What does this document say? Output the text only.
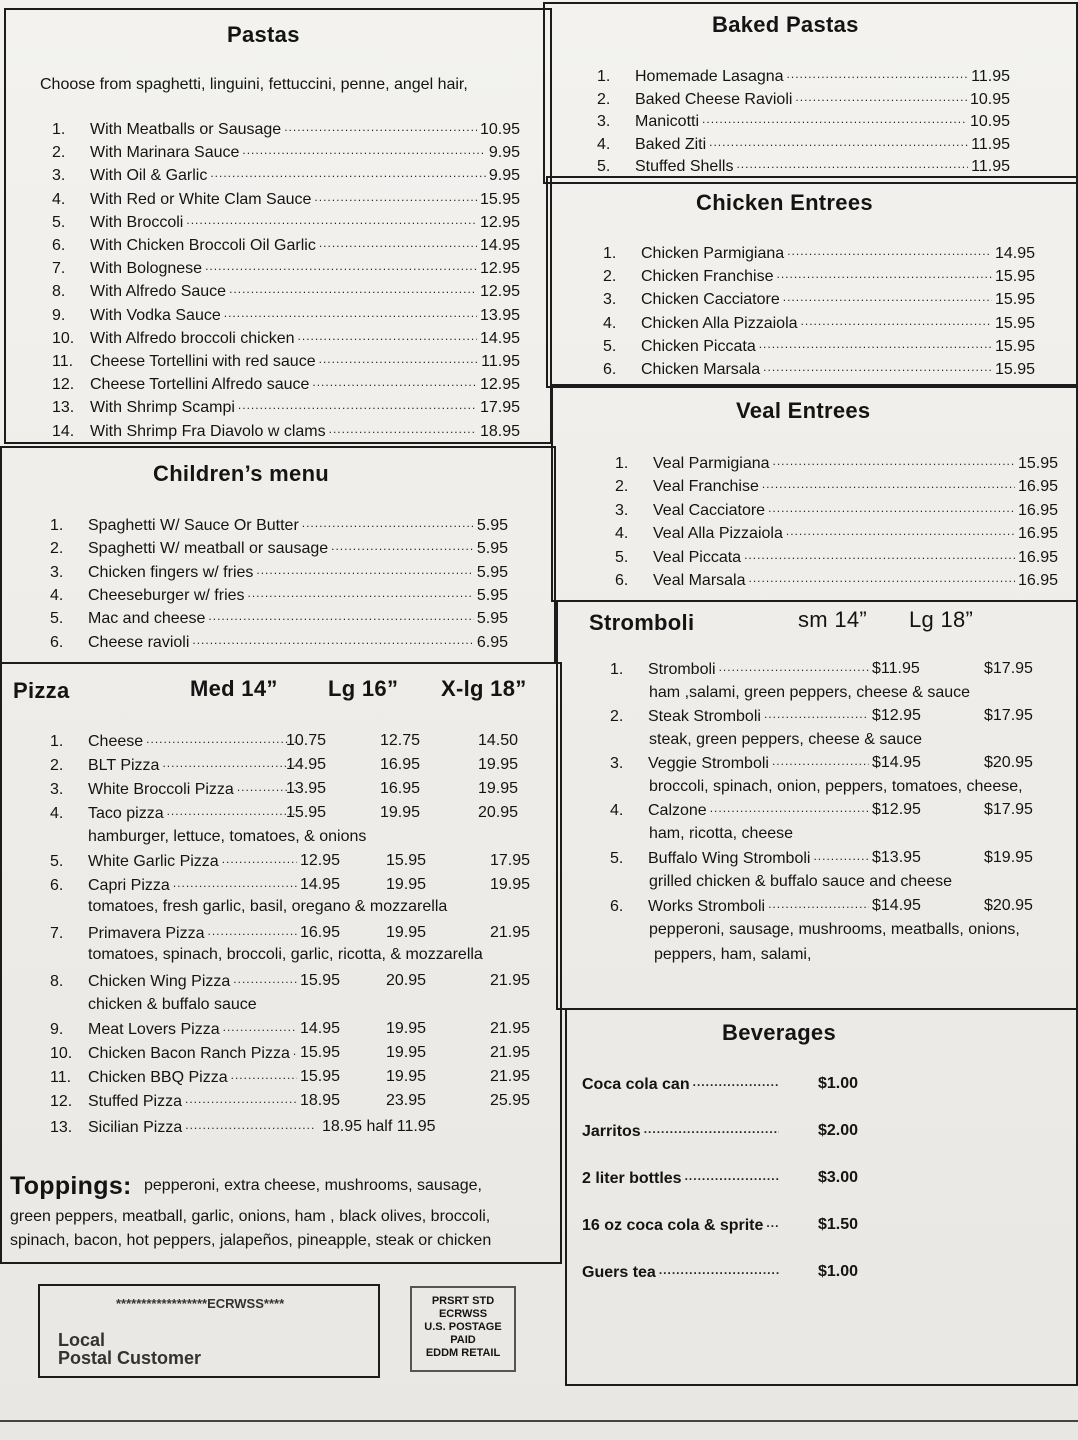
Pastas
Choose from spaghetti, linguini, fettuccini, penne, angel hair,
1.	With Meatballs or Sausage .....	10.95
2.	With Marinara Sauce .....	9.95
3.	With Oil & Garlic .....	9.95
4.	With Red or White Clam Sauce .....	15.95
5.	With Broccoli .....	12.95
6.	With Chicken Broccoli Oil Garlic .....	14.95
7.	With Bolognese .....	12.95
8.	With Alfredo Sauce .....	12.95
9.	With Vodka Sauce .....	13.95
10. With Alfredo broccoli chicken .....	14.95
11.	Cheese Tortellini with red sauce .....	11.95
12. Cheese Tortellini Alfredo sauce .....	12.95
13. With Shrimp Scampi .....	17.95
14. With Shrimp Fra Diavolo w clams .....	18.95
Baked Pastas
1.	Homemade Lasagna .....	11.95
2.	Baked Cheese Ravioli .....	10.95
3.	Manicotti .....	10.95
4.	Baked Ziti .....	11.95
5.	Stuffed Shells .....	11.95
Chicken Entrees
1.	Chicken Parmigiana .....	14.95
2.	Chicken Franchise .....	15.95
3.	Chicken Cacciatore .....	15.95
4.	Chicken Alla Pizzaiola .....	15.95
5.	Chicken Piccata .....	15.95
6.	Chicken Marsala .....	15.95
Veal Entrees
1.	Veal Parmigiana .....	15.95
2.	Veal Franchise .....	16.95
3.	Veal Cacciatore .....	16.95
4.	Veal Alla Pizzaiola .....	16.95
5.	Veal Piccata .....	16.95
6.	Veal Marsala .....	16.95
Children’s menu
1.	Spaghetti W/ Sauce Or Butter .....	5.95
2.	Spaghetti W/ meatball or sausage .....	5.95
3.	Chicken fingers w/ fries .....	5.95
4.	Cheeseburger w/ fries .....	5.95
5.	Mac and cheese .....	5.95
6.	Cheese ravioli .....	6.95
Stromboli	sm 14” Lg 18”
1.	Stromboli .....	$11.95	$17.95
ham ,salami, green peppers, cheese & sauce
2.	Steak Stromboli .....	$12.95	$17.95
steak, green peppers, cheese & sauce
3.	Veggie Stromboli .....	$14.95	$20.95
broccoli, spinach, onion, peppers, tomatoes, cheese,
4.	Calzone .....	$12.95	$17.95
ham, ricotta, cheese
5.	Buffalo Wing Stromboli .....	$13.95	$19.95
grilled chicken & buffalo sauce and cheese
6.	Works Stromboli .....	$14.95	$20.95
pepperoni, sausage, mushrooms, meatballs, onions,
peppers, ham, salami,
Pizza	Med 14” Lg 16” X-lg 18”
1.	Cheese .....	10.75	12.75	14.50
2.	BLT Pizza .....	14.95	16.95	19.95
3.	White Broccoli Pizza .....	13.95	16.95	19.95
4.	Taco pizza .....	15.95	19.95	20.95
hamburger, lettuce, tomatoes, & onions
5.	White Garlic Pizza .....	12.95	15.95	17.95
6.	Capri Pizza .....	14.95	19.95	19.95
tomatoes, fresh garlic, basil, oregano & mozzarella
7.	Primavera Pizza .....	16.95	19.95	21.95
tomatoes, spinach, broccoli, garlic, ricotta, & mozzarella
8.	Chicken Wing Pizza .....	15.95	20.95	21.95
chicken & buffalo sauce
9.	Meat Lovers Pizza .....	14.95	19.95	21.95
10. Chicken Bacon Ranch Pizza ..... 15.95	19.95	21.95
11.	Chicken BBQ Pizza .....	15.95	19.95	21.95
12. Stuffed Pizza .....	18.95	23.95	25.95
13. Sicilian Pizza .....	18.95 half 11.95
Toppings: pepperoni, extra cheese, mushrooms, sausage,
green peppers, meatball, garlic, onions, ham , black olives, broccoli,
spinach, bacon, hot peppers, jalapeños, pineapple, steak or chicken
Beverages
Coca cola can .....	$1.00
Jarritos .....	$2.00
2 liter bottles .....	$3.00
16 oz coca cola & sprite .....	$1.50
Guers tea .....	$1.00
******************ECRWSS****
Local
Postal Customer
PRSRT STD
ECRWSS
U.S. POSTAGE
PAID
EDDM RETAIL
